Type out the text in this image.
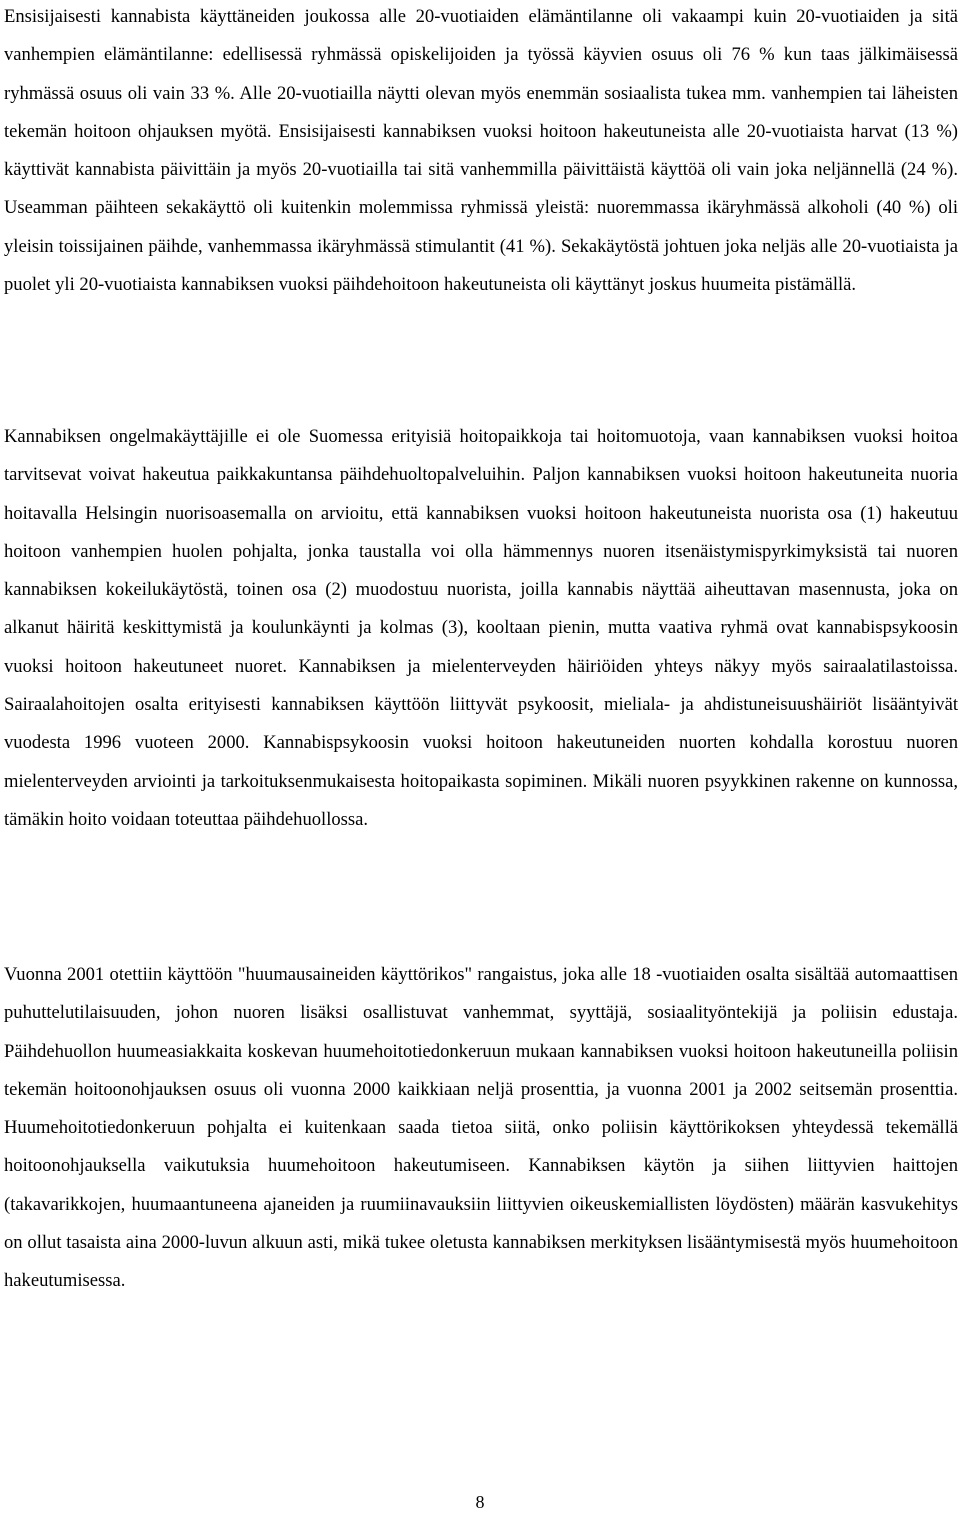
Ensisijaisesti kannabista käyttäneiden joukossa alle 20-vuotiaiden elämäntilanne oli vakaampi kuin 20-vuotiaiden ja sitä vanhempien elämäntilanne: edellisessä ryhmässä opiskelijoiden ja työssä käyvien osuus oli 76 % kun taas jälkimäisessä ryhmässä osuus oli vain 33 %. Alle 20-vuotiailla näytti olevan myös enemmän sosiaalista tukea mm. vanhempien tai läheisten tekemän hoitoon ohjauksen myötä. Ensisijaisesti kannabiksen vuoksi hoitoon hakeutuneista alle 20-vuotiaista harvat (13 %) käyttivät kannabista päivittäin ja myös 20-vuotiailla tai sitä vanhemmilla päivittäistä käyttöä oli vain joka neljännellä (24 %). Useamman päihteen sekakäyttö oli kuitenkin molemmissa ryhmissä yleistä: nuoremmassa ikäryhmässä alkoholi (40 %) oli yleisin toissijainen päihde, vanhemmassa ikäryhmässä stimulantit (41 %). Sekakäytöstä johtuen joka neljäs alle 20-vuotiaista ja puolet yli 20-vuotiaista kannabiksen vuoksi päihdehoitoon hakeutuneista oli käyttänyt joskus huumeita pistämällä.

Kannabiksen ongelmakäyttäjille ei ole Suomessa erityisiä hoitopaikkoja tai hoitomuotoja, vaan kannabiksen vuoksi hoitoa tarvitsevat voivat hakeutua paikkakuntansa päihdehuoltopalveluihin. Paljon kannabiksen vuoksi hoitoon hakeutuneita nuoria hoitavalla Helsingin nuorisoasemalla on arvioitu, että kannabiksen vuoksi hoitoon hakeutuneista nuorista osa (1) hakeutuu hoitoon vanhempien huolen pohjalta, jonka taustalla voi olla hämmennys nuoren itsenäistymispyrkimyksistä tai nuoren kannabiksen kokeilukäytöstä, toinen osa (2) muodostuu nuorista, joilla kannabis näyttää aiheuttavan masennusta, joka on alkanut häiritä keskittymistä ja koulunkäynti ja kolmas (3), kooltaan pienin, mutta vaativa ryhmä ovat kannabispsykoosin vuoksi hoitoon hakeutuneet nuoret. Kannabiksen ja mielenterveyden häiriöiden yhteys näkyy myös sairaalatilastoissa. Sairaalahoitojen osalta erityisesti kannabiksen käyttöön liittyvät psykoosit, mieliala- ja ahdistuneisuushäiriöt lisääntyivät vuodesta 1996 vuoteen 2000. Kannabispsykoosin vuoksi hoitoon hakeutuneiden nuorten kohdalla korostuu nuoren mielenterveyden arviointi ja tarkoituksenmukaisesta hoitopaikasta sopiminen. Mikäli nuoren psyykkinen rakenne on kunnossa, tämäkin hoito voidaan toteuttaa päihdehuollossa.

Vuonna 2001 otettiin käyttöön "huumausaineiden käyttörikos" rangaistus, joka alle 18 -vuotiaiden osalta sisältää automaattisen puhuttelutilaisuuden, johon nuoren lisäksi osallistuvat vanhemmat, syyttäjä, sosiaalityöntekijä ja poliisin edustaja. Päihdehuollon huumeasiakkaita koskevan huumehoitotiedonkeruun mukaan kannabiksen vuoksi hoitoon hakeutuneilla poliisin tekemän hoitoonohjauksen osuus oli vuonna 2000 kaikkiaan neljä prosenttia, ja vuonna 2001 ja 2002 seitsemän prosenttia. Huumehoitotiedonkeruun pohjalta ei kuitenkaan saada tietoa siitä, onko poliisin käyttörikoksen yhteydessä tekemällä hoitoonohjauksella vaikutuksia huumehoitoon hakeutumiseen. Kannabiksen käytön ja siihen liittyvien haittojen (takavarikkojen, huumaantuneena ajaneiden ja ruumiinavauksiin liittyvien oikeuskemiallisten löydösten) määrän kasvukehitys on ollut tasaista aina 2000-luvun alkuun asti, mikä tukee oletusta kannabiksen merkityksen lisääntymisestä myös huumehoitoon hakeutumisessa.

8
